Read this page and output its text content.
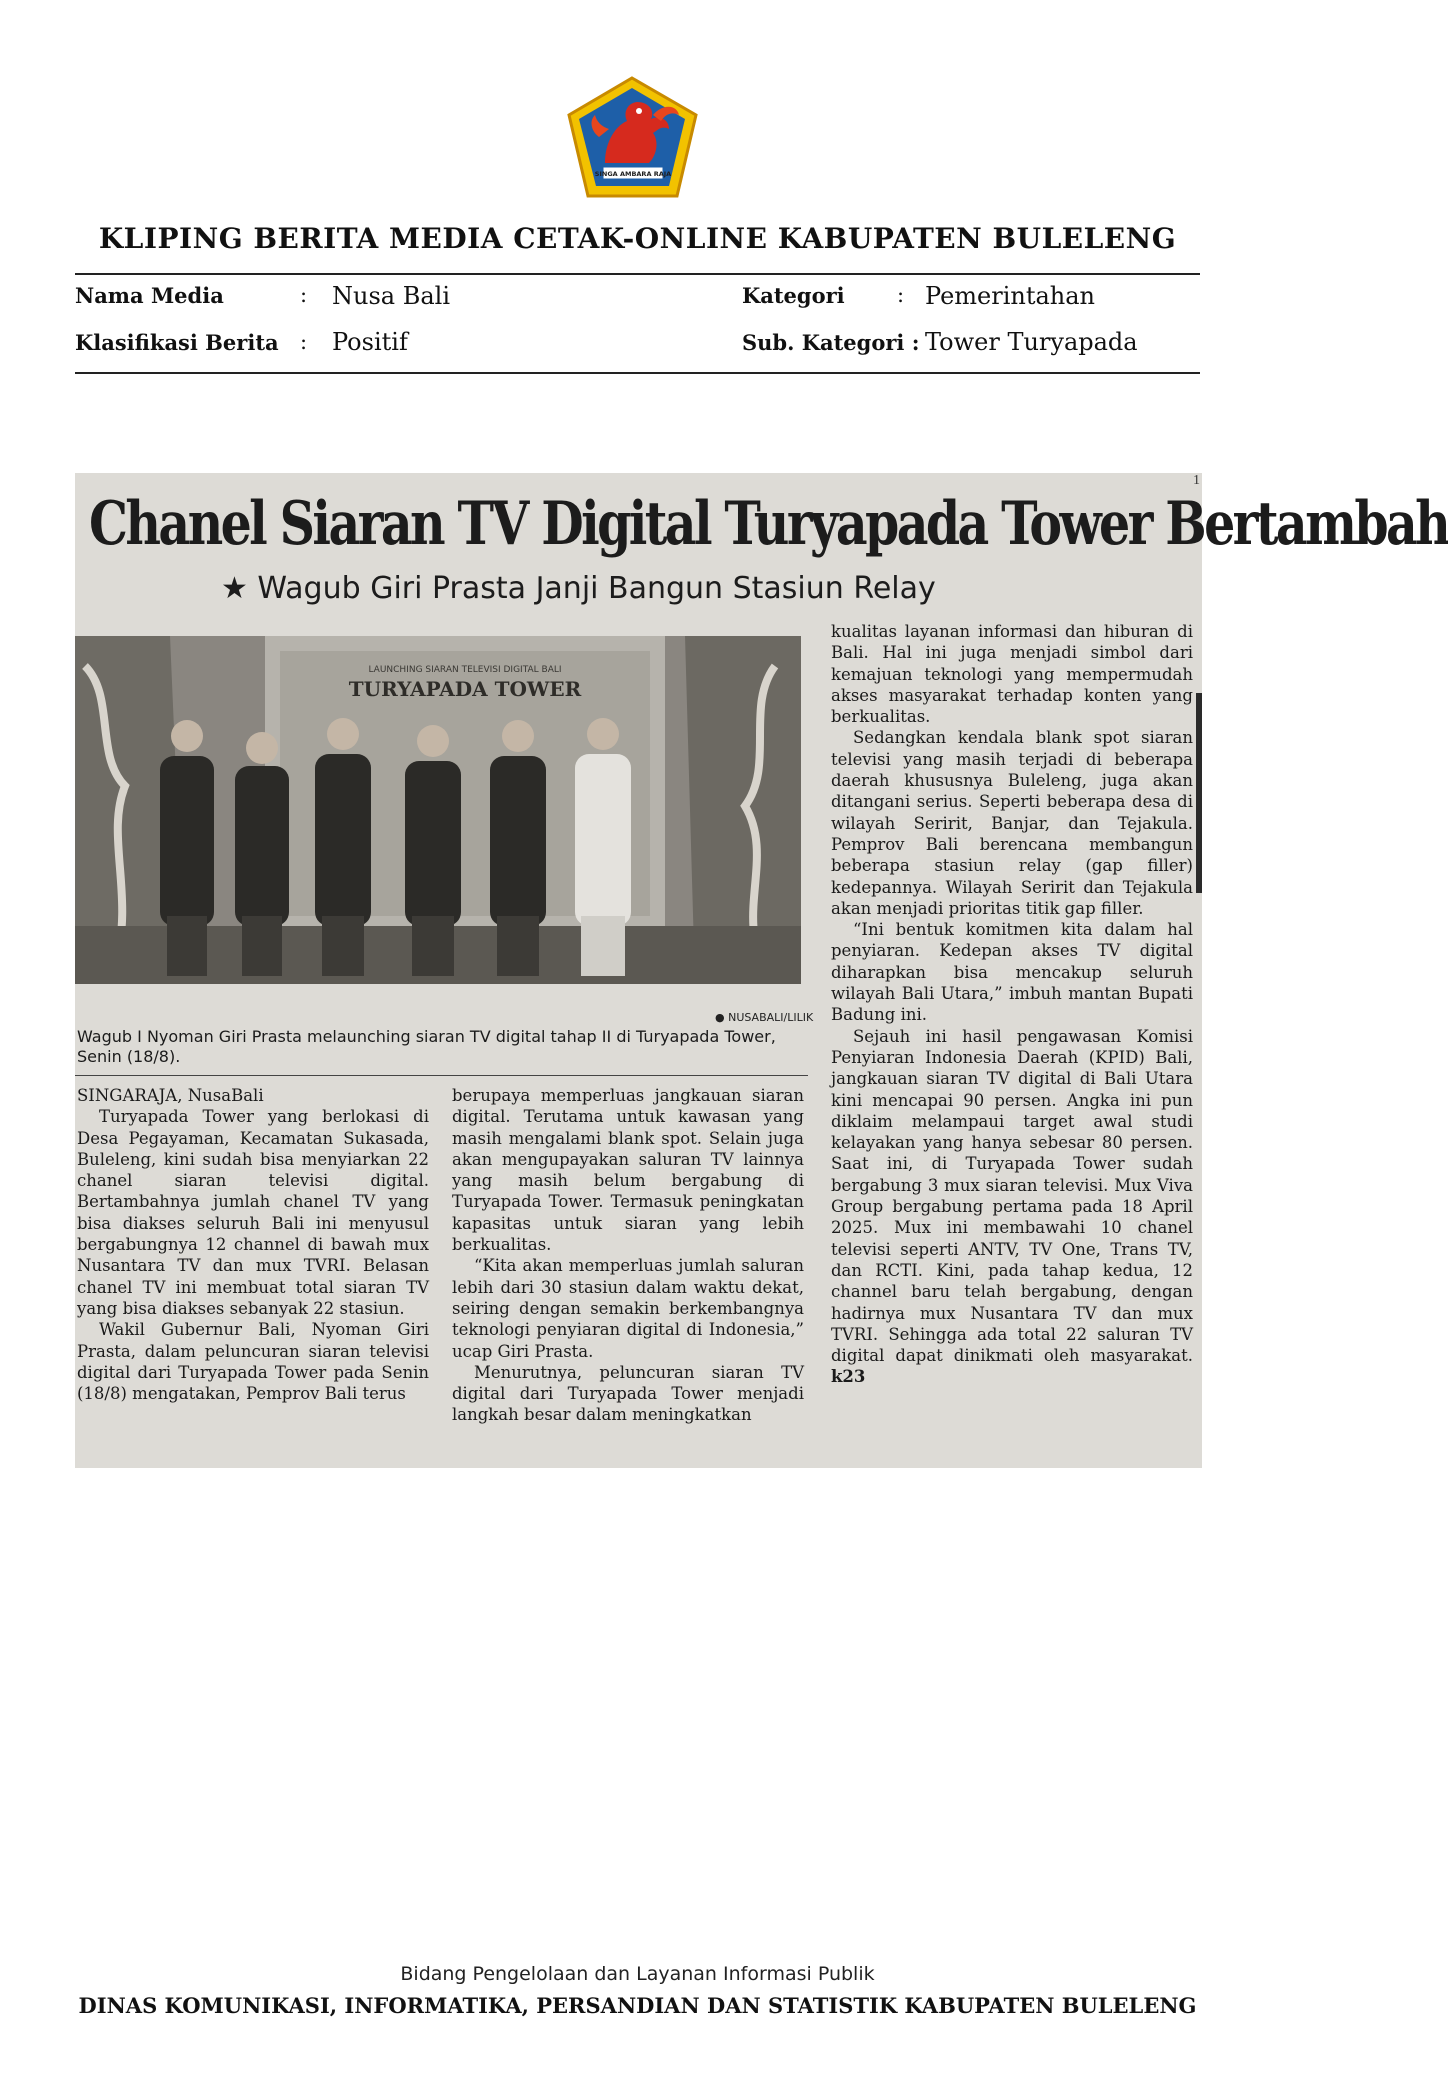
SINGA AMBARA RAJA
KLIPING BERITA MEDIA CETAK-ONLINE KABUPATEN BULELENG
Nama Media	: Nusa Bali	Kategori : Pemerintahan
Klasifikasi Berita : Positif	Sub. Kategori : Tower Turyapada
1
Chanel Siaran TV Digital Turyapada Tower Bertambah
★ Wagub Giri Prasta Janji Bangun Stasiun Relay
LAUNCHING SIARAN TELEVISI DIGITAL BALI
TURYAPADA TOWER
● NUSABALI/LILIK
Wagub I Nyoman Giri Prasta melaunching siaran TV digital tahap II di Turyapada Tower, Senin (18/8).

SINGARAJA, NusaBali

Turyapada Tower yang berlokasi di Desa Pegayaman, Kecamatan Sukasada, Buleleng, kini sudah bisa menyiarkan 22 chanel siaran televisi digital. Bertambahnya jumlah chanel TV yang bisa diakses seluruh Bali ini menyusul bergabungnya 12 channel di bawah mux Nusantara TV dan mux TVRI. Belasan chanel TV ini membuat total siaran TV yang bisa diakses sebanyak 22 stasiun.

Wakil Gubernur Bali, Nyoman Giri Prasta, dalam peluncuran siaran televisi digital dari Turyapada Tower pada Senin (18/8) mengatakan, Pemprov Bali terus

berupaya memperluas jangkauan siaran digital. Terutama untuk kawasan yang masih mengalami blank spot. Selain juga akan mengupayakan saluran TV lainnya yang masih belum bergabung di Turyapada Tower. Termasuk peningkatan kapasitas untuk siaran yang lebih berkualitas.

“Kita akan memperluas jumlah saluran lebih dari 30 stasiun dalam waktu dekat, seiring dengan semakin berkembangnya teknologi penyiaran digital di Indonesia,” ucap Giri Prasta.

Menurutnya, peluncuran siaran TV digital dari Turyapada Tower menjadi langkah besar dalam meningkatkan

kualitas layanan informasi dan hiburan di Bali. Hal ini juga menjadi simbol dari kemajuan teknologi yang mempermudah akses masyarakat terhadap konten yang berkualitas.

Sedangkan kendala blank spot siaran televisi yang masih terjadi di beberapa daerah khususnya Buleleng, juga akan ditangani serius. Seperti beberapa desa di wilayah Seririt, Banjar, dan Tejakula. Pemprov Bali berencana membangun beberapa stasiun relay (gap filler) kedepannya. Wilayah Seririt dan Tejakula akan menjadi prioritas titik gap filler.

“Ini bentuk komitmen kita dalam hal penyiaran. Kedepan akses TV digital diharapkan bisa mencakup seluruh wilayah Bali Utara,” imbuh mantan Bupati Badung ini.

Sejauh ini hasil pengawasan Komisi Penyiaran Indonesia Daerah (KPID) Bali, jangkauan siaran TV digital di Bali Utara kini mencapai 90 persen. Angka ini pun diklaim melampaui target awal studi kelayakan yang hanya sebesar 80 persen. Saat ini, di Turyapada Tower sudah bergabung 3 mux siaran televisi. Mux Viva Group bergabung pertama pada 18 April 2025. Mux ini membawahi 10 chanel televisi seperti ANTV, TV One, Trans TV, dan RCTI. Kini, pada tahap kedua, 12 channel baru telah bergabung, dengan hadirnya mux Nusantara TV dan mux TVRI. Sehingga ada total 22 saluran TV digital dapat dinikmati oleh masyarakat. k23

Bidang Pengelolaan dan Layanan Informasi Publik
DINAS KOMUNIKASI, INFORMATIKA, PERSANDIAN DAN STATISTIK KABUPATEN BULELENG
